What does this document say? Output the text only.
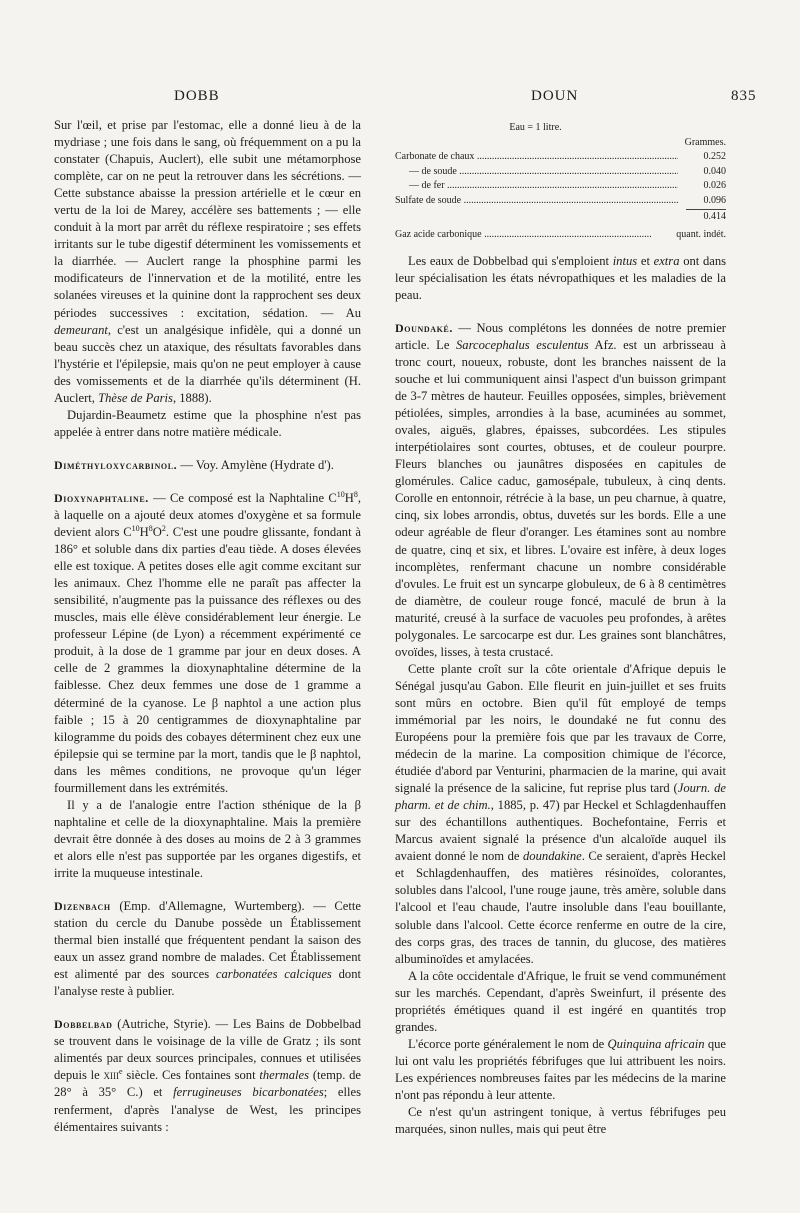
DOBB	DOUN	835

Sur l'œil, et prise par l'estomac, elle a donné lieu à de la mydriase ; une fois dans le sang, où fréquemment on a pu la constater (Chapuis, Auclert), elle subit une métamorphose complète, car on ne peut la retrouver dans les sécrétions. — Cette substance abaisse la pression artérielle et le cœur en vertu de la loi de Marey, accélère ses battements ; — elle conduit à la mort par arrêt du réflexe respiratoire ; ses effets irritants sur le tube digestif déterminent les vomissements et la diarrhée. — Auclert range la phosphine parmi les modificateurs de l'innervation et de la motilité, entre les solanées vireuses et la quinine dont la rapprochent ses deux périodes successives : excitation, sédation. — Au demeurant, c'est un analgésique infidèle, qui a donné un beau succès chez un ataxique, des résultats favorables dans l'hystérie et l'épilepsie, mais qu'on ne peut employer à cause des vomissements et de la diarrhée qu'ils déterminent (H. Auclert, Thèse de Paris, 1888).

Dujardin-Beaumetz estime que la phosphine n'est pas appelée à entrer dans notre matière médicale.

Diméthyloxycarbinol. — Voy. Amylène (Hydrate d').

Dioxynaphtaline. — Ce composé est la Naphtaline $C^{10}H^8$, à laquelle on a ajouté deux atomes d'oxygène et sa formule devient alors $C^{10}H^8O^2$. C'est une poudre glissante, fondant à 186° et soluble dans dix parties d'eau tiède. A doses élevées elle est toxique. A petites doses elle agit comme excitant sur les animaux. Chez l'homme elle ne paraît pas affecter la sensibilité, n'augmente pas la puissance des réflexes ou des muscles, mais elle élève considérablement leur énergie. Le professeur Lépine (de Lyon) a récemment expérimenté ce produit, à la dose de 1 gramme par jour en deux doses. A celle de 2 grammes la dioxynaphtaline détermine de la faiblesse. Chez deux femmes une dose de 1 gramme a déterminé de la cyanose. Le β naphtol a une action plus faible ; 15 à 20 centigrammes de dioxynaphtaline par kilogramme du poids des cobayes déterminent chez eux une épilepsie qui se termine par la mort, tandis que le β naphtol, dans les mêmes conditions, ne provoque qu'un léger fourmillement dans les extrémités.

Il y a de l'analogie entre l'action sthénique de la β naphtaline et celle de la dioxynaphtaline. Mais la première devrait être donnée à des doses au moins de 2 à 3 grammes et alors elle n'est pas supportée par les organes digestifs, et irrite la muqueuse intestinale.

Dizenbach (Emp. d'Allemagne, Wurtemberg). — Cette station du cercle du Danube possède un Établissement thermal bien installé que fréquentent pendant la saison des eaux un assez grand nombre de malades. Cet Établissement est alimenté par des sources carbonatées calciques dont l'analyse reste à publier.

Dobbelbad (Autriche, Styrie). — Les Bains de Dobbelbad se trouvent dans le voisinage de la ville de Gratz ; ils sont alimentés par deux sources principales, connues et utilisées depuis le xiii$^e$ siècle. Ces fontaines sont thermales (temp. de 28° à 35° C.) et ferrugineuses bicarbonatées; elles renferment, d'après l'analyse de West, les principes élémentaires suivants :

Eau = 1 litre.
Grammes.
Carbonate de chaux .....	0.252
— de soude .....	0.040
— de fer .....	0.026
Sulfate de soude .....	0.096
0.414
Gaz acide carbonique .....	quant. indét.

Les eaux de Dobbelbad qui s'emploient intus et extra ont dans leur spécialisation les états névropathiques et les maladies de la peau.

Doundaké. — Nous complétons les données de notre premier article. Le Sarcocephalus esculentus Afz. est un arbrisseau à tronc court, noueux, robuste, dont les branches naissent de la souche et lui communiquent ainsi l'aspect d'un buisson grimpant de 3-7 mètres de hauteur. Feuilles opposées, simples, brièvement pétiolées, simples, arrondies à la base, acuminées au sommet, ovales, aiguës, glabres, épaisses, subcordées. Les stipules interpétiolaires sont courtes, obtuses, et de couleur pourpre. Fleurs blanches ou jaunâtres disposées en capitules de glomérules. Calice caduc, gamosépale, tubuleux, à cinq dents. Corolle en entonnoir, rétrécie à la base, un peu charnue, à quatre, cinq, six lobes arrondis, obtus, duvetés sur les bords. Elle a une odeur agréable de fleur d'oranger. Les étamines sont au nombre de quatre, cinq et six, et libres. L'ovaire est infère, à deux loges incomplètes, renfermant chacune un nombre considérable d'ovules. Le fruit est un syncarpe globuleux, de 6 à 8 centimètres de diamètre, de couleur rouge foncé, maculé de brun à la maturité, creusé à la surface de vacuoles peu profondes, à arêtes polygonales. Le sarcocarpe est dur. Les graines sont blanchâtres, ovoïdes, lisses, à testa crustacé.

Cette plante croît sur la côte orientale d'Afrique depuis le Sénégal jusqu'au Gabon. Elle fleurit en juin-juillet et ses fruits sont mûrs en octobre. Bien qu'il fût employé de temps immémorial par les noirs, le doundaké ne fut connu des Européens pour la première fois que par les travaux de Corre, médecin de la marine. La composition chimique de l'écorce, étudiée d'abord par Venturini, pharmacien de la marine, qui avait signalé la présence de la salicine, fut reprise plus tard (Journ. de pharm. et de chim., 1885, p. 47) par Heckel et Schlagdenhauffen sur des échantillons authentiques. Bochefontaine, Ferris et Marcus avaient signalé la présence d'un alcaloïde auquel ils avaient donné le nom de doundakine. Ce seraient, d'après Heckel et Schlagdenhauffen, des matières résinoïdes, colorantes, solubles dans l'alcool, l'une rouge jaune, très amère, soluble dans l'alcool et l'eau chaude, l'autre insoluble dans l'eau bouillante, soluble dans l'alcool. Cette écorce renferme en outre de la cire, des corps gras, des traces de tannin, du glucose, des matières albuminoïdes et amylacées.

A la côte occidentale d'Afrique, le fruit se vend communément sur les marchés. Cependant, d'après Sweinfurt, il présente des propriétés émétiques quand il est ingéré en quantités trop grandes.

L'écorce porte généralement le nom de Quinquina africain que lui ont valu les propriétés fébrifuges que lui attribuent les noirs. Les expériences nombreuses faites par les médecins de la marine n'ont pas répondu à leur attente.

Ce n'est qu'un astringent tonique, à vertus fébrifuges peu marquées, sinon nulles, mais qui peut être
